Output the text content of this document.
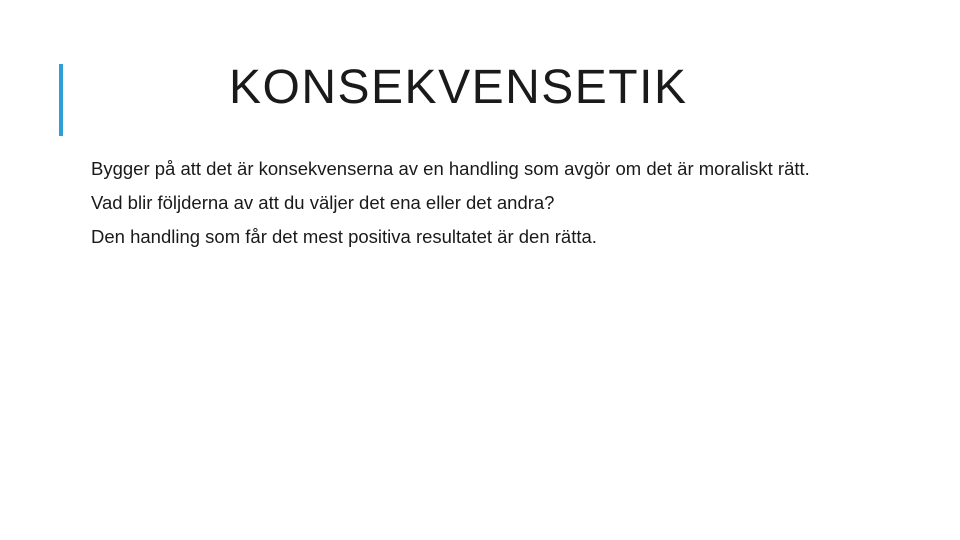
KONSEKVENSETIK

Bygger på att det är konsekvenserna av en handling som avgör om det är moraliskt rätt.

Vad blir följderna av att du väljer det ena eller det andra?

Den handling som får det mest positiva resultatet är den rätta.
